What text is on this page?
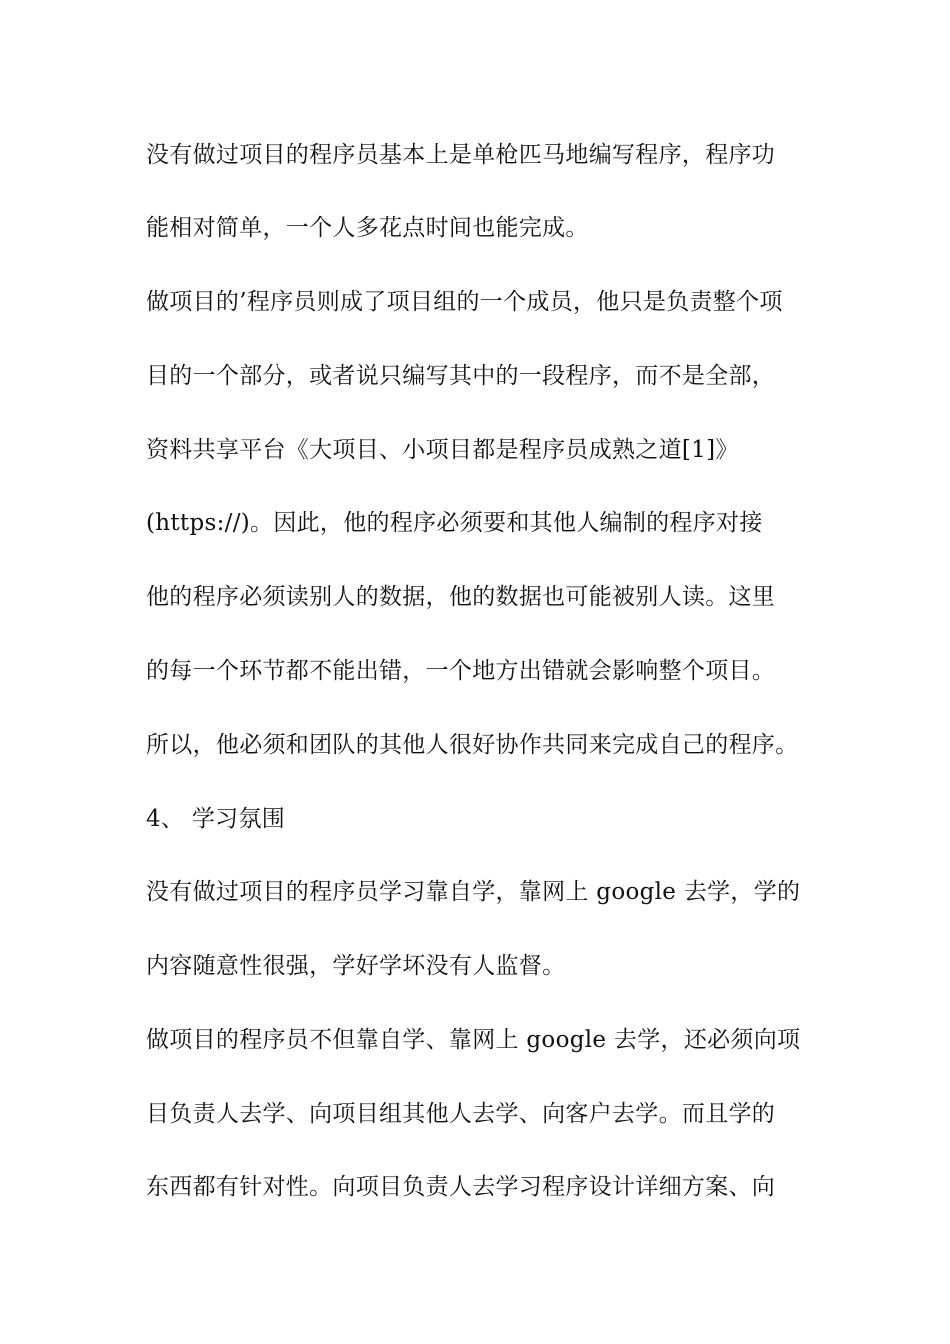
没有做过项目的程序员基本上是单枪匹马地编写程序，程序功
能相对简单，一个人多花点时间也能完成。
做项目的’程序员则成了项目组的一个成员，他只是负责整个项
目的一个部分，或者说只编写其中的一段程序，而不是全部，
资料共享平台《大项目、小项目都是程序员成熟之道[1]》
(https://)。因此，他的程序必须要和其他人编制的程序对接
他的程序必须读别人的数据，他的数据也可能被别人读。这里
的每一个环节都不能出错，一个地方出错就会影响整个项目。
所以，他必须和团队的其他人很好协作共同来完成自己的程序。
4、 学习氛围
没有做过项目的程序员学习靠自学，靠网上 google 去学，学的
内容随意性很强，学好学坏没有人监督。
做项目的程序员不但靠自学、靠网上 google 去学，还必须向项
目负责人去学、向项目组其他人去学、向客户去学。而且学的
东西都有针对性。向项目负责人去学习程序设计详细方案、向
